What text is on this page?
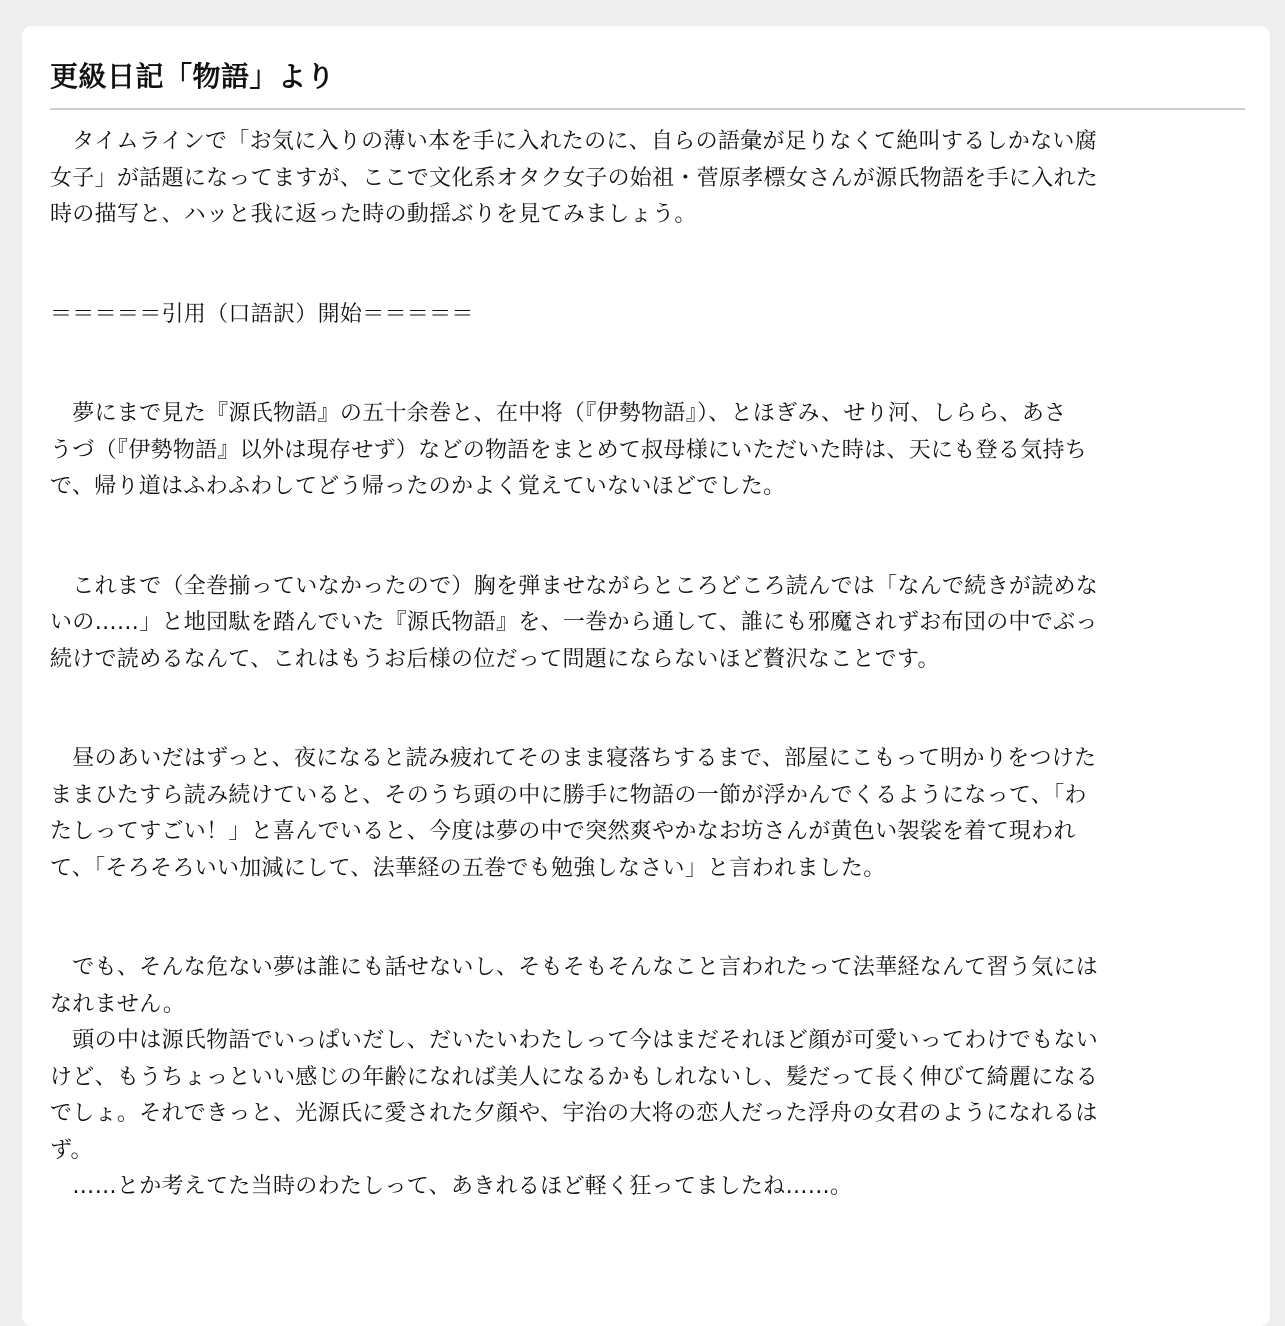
更級日記「物語」より
　タイムラインで「お気に入りの薄い本を手に入れたのに、自らの語彙が足りなくて絶叫するしかない腐
女子」が話題になってますが、ここで文化系オタク女子の始祖・菅原孝標女さんが源氏物語を手に入れた
時の描写と、ハッと我に返った時の動揺ぶりを見てみましょう。
＝＝＝＝＝引用（口語訳）開始＝＝＝＝＝
　夢にまで見た『源氏物語』の五十余巻と、在中将（『伊勢物語』）、とほぎみ、せり河、しらら、あさ
うづ（『伊勢物語』以外は現存せず）などの物語をまとめて叔母様にいただいた時は、天にも登る気持ち
で、帰り道はふわふわしてどう帰ったのかよく覚えていないほどでした。
　これまで（全巻揃っていなかったので）胸を弾ませながらところどころ読んでは「なんで続きが読めな
いの……」と地団駄を踏んでいた『源氏物語』を、一巻から通して、誰にも邪魔されずお布団の中でぶっ
続けで読めるなんて、これはもうお后様の位だって問題にならないほど贅沢なことです。
　昼のあいだはずっと、夜になると読み疲れてそのまま寝落ちするまで、部屋にこもって明かりをつけた
ままひたすら読み続けていると、そのうち頭の中に勝手に物語の一節が浮かんでくるようになって、「わ
たしってすごい！」と喜んでいると、今度は夢の中で突然爽やかなお坊さんが黄色い袈裟を着て現われ
て、「そろそろいい加減にして、法華経の五巻でも勉強しなさい」と言われました。
　でも、そんな危ない夢は誰にも話せないし、そもそもそんなこと言われたって法華経なんて習う気には
なれません。
　頭の中は源氏物語でいっぱいだし、だいたいわたしって今はまだそれほど顔が可愛いってわけでもない
けど、もうちょっといい感じの年齢になれば美人になるかもしれないし、髪だって長く伸びて綺麗になる
でしょ。それできっと、光源氏に愛された夕顔や、宇治の大将の恋人だった浮舟の女君のようになれるは
ず。
　……とか考えてた当時のわたしって、あきれるほど軽く狂ってましたね……。
